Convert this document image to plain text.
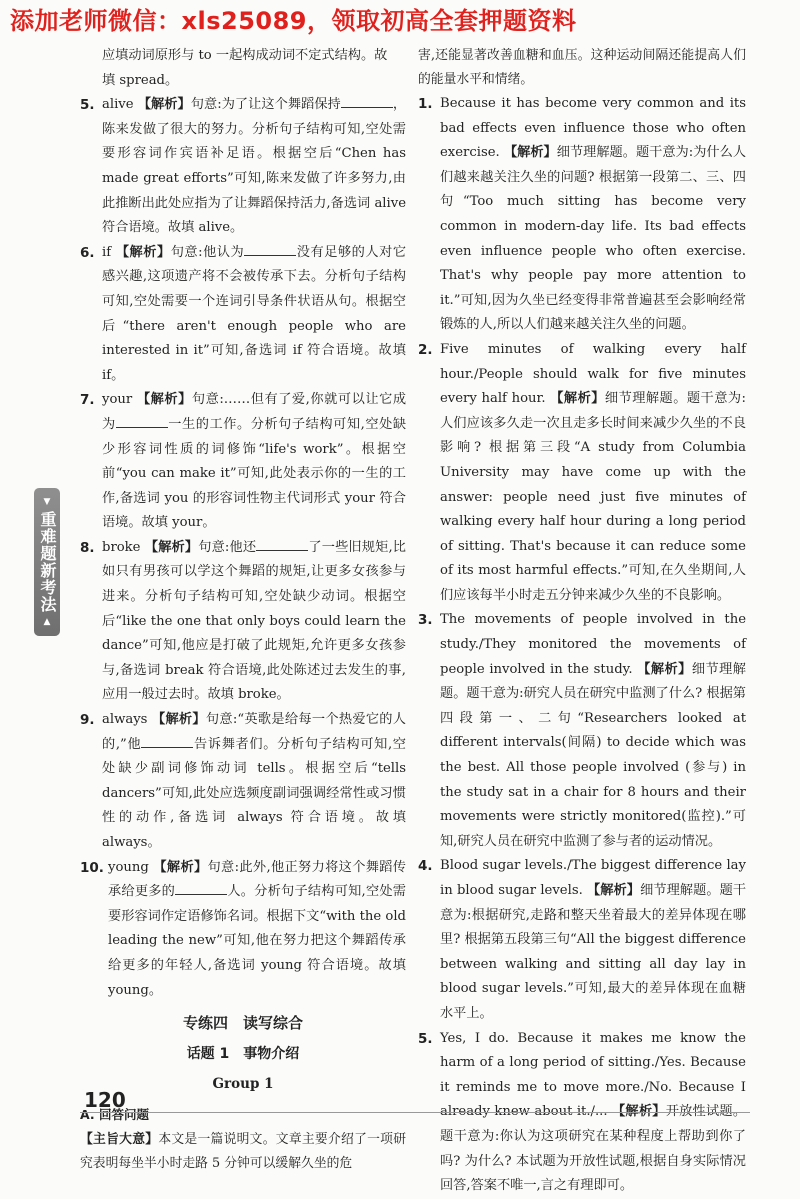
添加老师微信：xls25089，领取初高全套押题资料
▼
重难题新考法
▲
应填动词原形与 to 一起构成动词不定式结构。故
填 spread。
5. alive 【解析】句意:为了让这个舞蹈保持	，陈来发做了很大的努力。分析句子结构可知,空处需要形容词作宾语补足语。根据空后“Chen has made great efforts”可知,陈来发做了许多努力,由此推断出此处应指为了让舞蹈保持活力,备选词 alive 符合语境。故填 alive。
6. if 【解析】句意:他认为	没有足够的人对它感兴趣,这项遗产将不会被传承下去。分析句子结构可知,空处需要一个连词引导条件状语从句。根据空后“there aren't enough people who are interested in it”可知,备选词 if 符合语境。故填 if。
7. your 【解析】句意:……但有了爱,你就可以让它成为	一生的工作。分析句子结构可知,空处缺少形容词性质的词修饰“life's work”。根据空前“you can make it”可知,此处表示你的一生的工作,备选词 you 的形容词性物主代词形式 your 符合语境。故填 your。
8. broke 【解析】句意:他还	了一些旧规矩,比如只有男孩可以学这个舞蹈的规矩,让更多女孩参与进来。分析句子结构可知,空处缺少动词。根据空后“like the one that only boys could learn the dance”可知,他应是打破了此规矩,允许更多女孩参与,备选词 break 符合语境,此处陈述过去发生的事,应用一般过去时。故填 broke。
9. always 【解析】句意:“英歌是给每一个热爱它的人的,”他	告诉舞者们。分析句子结构可知,空处缺少副词修饰动词 tells。根据空后“tells dancers”可知,此处应选频度副词强调经常性或习惯性的动作,备选词 always 符合语境。故填 always。
10. young 【解析】句意:此外,他正努力将这个舞蹈传承给更多的	人。分析句子结构可知,空处需要形容词作定语修饰名词。根据下文“with the old leading the new”可知,他在努力把这个舞蹈传承给更多的年轻人,备选词 young 符合语境。故填 young。
专练四　读写综合
话题 1　事物介绍
Group 1
A. 回答问题
【主旨大意】本文是一篇说明文。文章主要介绍了一项研究表明每坐半小时走路 5 分钟可以缓解久坐的危
害,还能显著改善血糖和血压。这种运动间隔还能提高人们的能量水平和情绪。
1. Because it has become very common and its bad effects even influence those who often exercise. 【解析】细节理解题。题干意为:为什么人们越来越关注久坐的问题? 根据第一段第二、三、四句“Too much sitting has become very common in modern-day life. Its bad effects even influence people who often exercise. That's why people pay more attention to it.”可知,因为久坐已经变得非常普遍甚至会影响经常锻炼的人,所以人们越来越关注久坐的问题。
2. Five minutes of walking every half hour./People should walk for five minutes every half hour. 【解析】细节理解题。题干意为:人们应该多久走一次且走多长时间来减少久坐的不良影响? 根据第三段“A study from Columbia University may have come up with the answer: people need just five minutes of walking every half hour during a long period of sitting. That's because it can reduce some of its most harmful effects.”可知,在久坐期间,人们应该每半小时走五分钟来减少久坐的不良影响。
3. The movements of people involved in the study./They monitored the movements of people involved in the study. 【解析】细节理解题。题干意为:研究人员在研究中监测了什么? 根据第四段第一、二句“Researchers looked at different intervals(间隔) to decide which was the best. All those people involved (参与) in the study sat in a chair for 8 hours and their movements were strictly monitored(监控).”可知,研究人员在研究中监测了参与者的运动情况。
4. Blood sugar levels./The biggest difference lay in blood sugar levels. 【解析】细节理解题。题干意为:根据研究,走路和整天坐着最大的差异体现在哪里? 根据第五段第三句“All the biggest difference between walking and sitting all day lay in blood sugar levels.”可知,最大的差异体现在血糖水平上。
5. Yes, I do. Because it makes me know the harm of a long period of sitting./Yes. Because it reminds me to move more./No. Because I already knew about it./... 【解析】开放性试题。题干意为:你认为这项研究在某种程度上帮助到你了吗? 为什么? 本试题为开放性试题,根据自身实际情况回答,答案不唯一,言之有理即可。
120
